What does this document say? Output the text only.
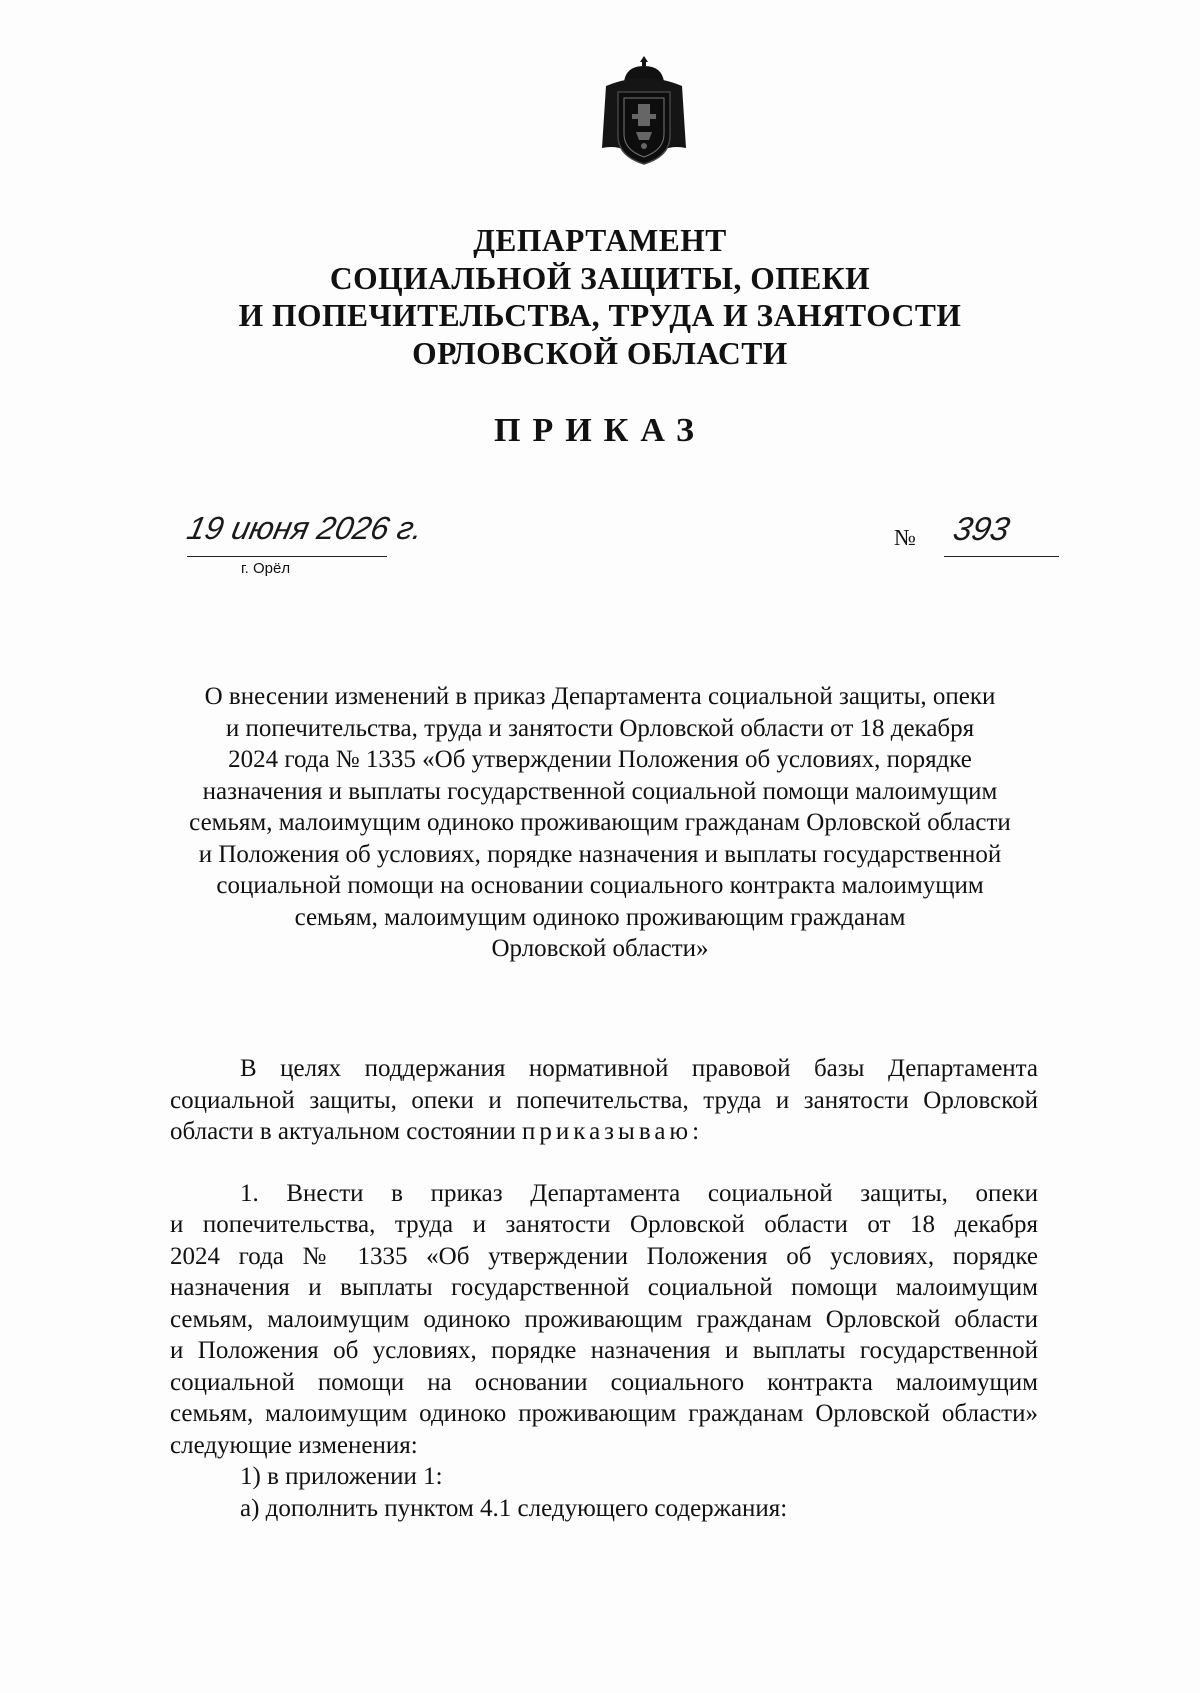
ДЕПАРТАМЕНТ
СОЦИАЛЬНОЙ ЗАЩИТЫ, ОПЕКИ
И ПОПЕЧИТЕЛЬСТВА, ТРУДА И ЗАНЯТОСТИ
ОРЛОВСКОЙ ОБЛАСТИ
ПРИКАЗ
19 июня 2026 г.
г. Орёл
№ 393
О внесении изменений в приказ Департамента социальной защиты, опеки
и попечительства, труда и занятости Орловской области от 18 декабря
2024 года № 1335 «Об утверждении Положения об условиях, порядке
назначения и выплаты государственной социальной помощи малоимущим
семьям, малоимущим одиноко проживающим гражданам Орловской области
и Положения об условиях, порядке назначения и выплаты государственной
социальной помощи на основании социального контракта малоимущим
семьям, малоимущим одиноко проживающим гражданам
Орловской области»
В целях поддержания нормативной правовой базы Департамента
социальной защиты, опеки и попечительства, труда и занятости Орловской
области в актуальном состоянии приказываю:
1. Внести в приказ Департамента социальной защиты, опеки
и попечительства, труда и занятости Орловской области от 18 декабря
2024 года № 1335 «Об утверждении Положения об условиях, порядке
назначения и выплаты государственной социальной помощи малоимущим
семьям, малоимущим одиноко проживающим гражданам Орловской области
и Положения об условиях, порядке назначения и выплаты государственной
социальной помощи на основании социального контракта малоимущим
семьям, малоимущим одиноко проживающим гражданам Орловской области»
следующие изменения:
1) в приложении 1:
а) дополнить пунктом 4.1 следующего содержания:
